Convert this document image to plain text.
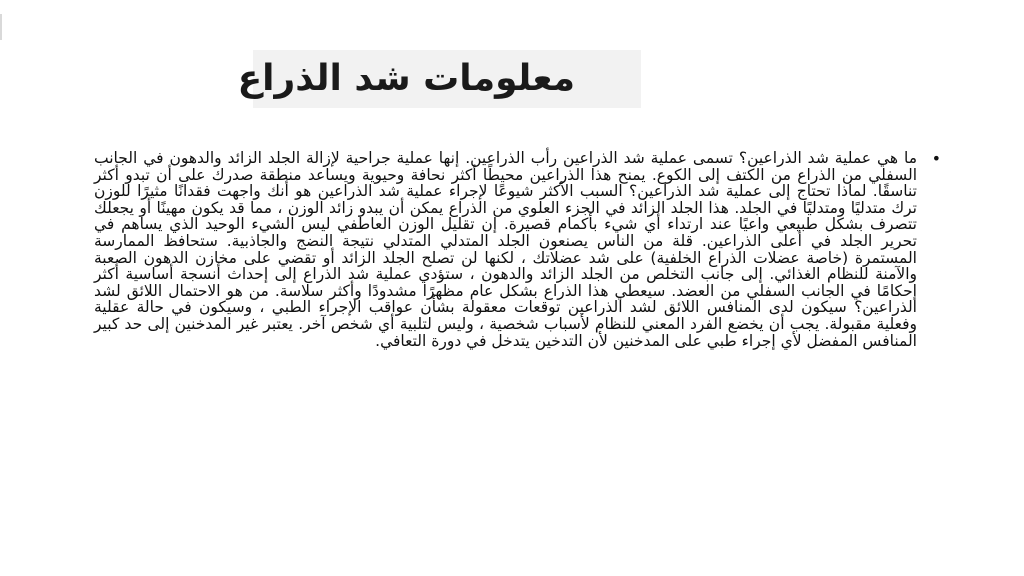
معلومات شد الذراع
•
ما هي عملية شد الذراعين؟ تسمى عملية شد الذراعين رأب الذراعين. إنها عملية جراحية لإزالة الجلد الزائد والدهون في الجانب السفلي من الذراع من الكتف إلى الكوع. يمنح هذا الذراعين محيطًا أكثر نحافة وحيوية ويساعد منطقة صدرك على أن تبدو أكثر تناسقًا. لماذا تحتاج إلى عملية شد الذراعين؟ السبب الأكثر شيوعًا لإجراء عملية شد الذراعين هو أنك واجهت فقدانًا مثيرًا للوزن ترك متدليًا ومتدليًا في الجلد. هذا الجلد الزائد في الجزء العلوي من الذراع يمكن أن يبدو زائد الوزن ، مما قد يكون مهينًا أو يجعلك تتصرف بشكل طبيعي واعيًا عند ارتداء أي شيء بأكمام قصيرة. إن تقليل الوزن العاطفي ليس الشيء الوحيد الذي يساهم في تحرير الجلد في أعلى الذراعين. قلة من الناس يصنعون الجلد المتدلي المتدلي نتيجة النضج والجاذبية. ستحافظ الممارسة المستمرة (خاصة عضلات الذراع الخلفية) على شد عضلاتك ، لكنها لن تصلح الجلد الزائد أو تقضي على مخازن الدهون الصعبة والآمنة للنظام الغذائي. إلى جانب التخلص من الجلد الزائد والدهون ، ستؤدي عملية شد الذراع إلى إحداث أنسجة أساسية أكثر إحكامًا في الجانب السفلي من العضد. سيعطي هذا الذراع بشكل عام مظهرًا مشدودًا وأكثر سلاسة. من هو الاحتمال اللائق لشد الذراعين؟ سيكون لدى المنافس اللائق لشد الذراعين توقعات معقولة بشأن عواقب الإجراء الطبي ، وسيكون في حالة عقلية وفعلية مقبولة. يجب أن يخضع الفرد المعني للنظام لأسباب شخصية ، وليس لتلبية أي شخص آخر. يعتبر غير المدخنين إلى حد كبير المنافس المفضل لأي إجراء طبي على المدخنين لأن التدخين يتدخل في دورة التعافي.
